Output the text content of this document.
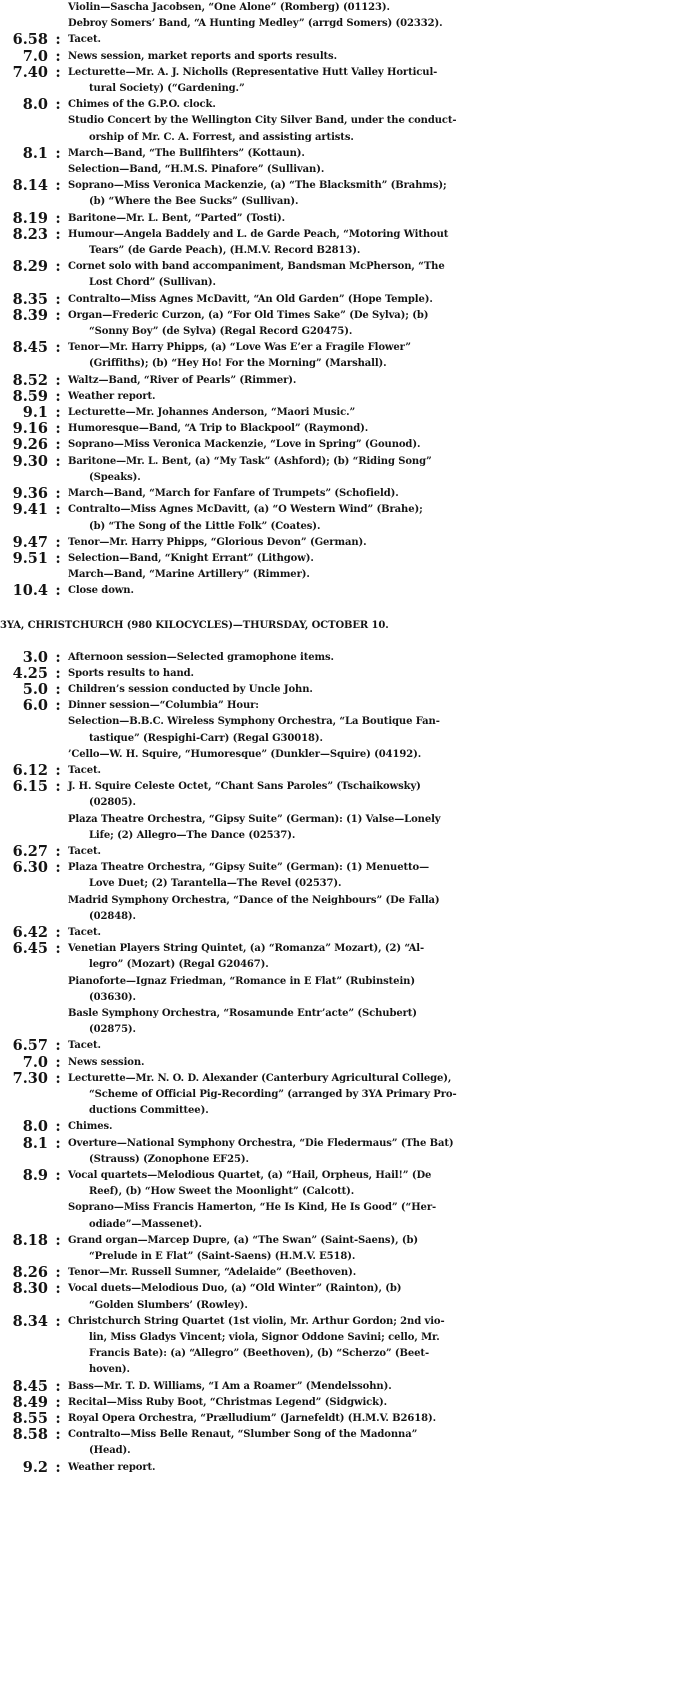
Violin—Sascha Jacobsen, “One Alone” (Romberg) (01123).
Debroy Somers’ Band, “A Hunting Medley” (arrgd Somers) (02332).
6.58 : Tacet.
7.0 : News session, market reports and sports results.
7.40 : Lecturette—Mr. A. J. Nicholls (Representative Hutt Valley Horticul-
tural Society) (“Gardening.”
8.0 : Chimes of the G.P.O. clock.
Studio Concert by the Wellington City Silver Band, under the conduct-
orship of Mr. C. A. Forrest, and assisting artists.
8.1 : March—Band, “The Bullfihters” (Kottaun).
Selection—Band, “H.M.S. Pinafore” (Sullivan).
8.14 : Soprano—Miss Veronica Mackenzie, (a) “The Blacksmith” (Brahms);
(b) “Where the Bee Sucks” (Sullivan).
8.19 : Baritone—Mr. L. Bent, “Parted” (Tosti).
8.23 : Humour—Angela Baddely and L. de Garde Peach, “Motoring Without
Tears” (de Garde Peach), (H.M.V. Record B2813).
8.29 : Cornet solo with band accompaniment, Bandsman McPherson, “The
Lost Chord” (Sullivan).
8.35 : Contralto—Miss Agnes McDavitt, “An Old Garden” (Hope Temple).
8.39 : Organ—Frederic Curzon, (a) “For Old Times Sake” (De Sylva); (b)
“Sonny Boy” (de Sylva) (Regal Record G20475).
8.45 : Tenor—Mr. Harry Phipps, (a) “Love Was E’er a Fragile Flower”
(Griffiths); (b) “Hey Ho! For the Morning” (Marshall).
8.52 : Waltz—Band, “River of Pearls” (Rimmer).
8.59 : Weather report.
9.1 : Lecturette—Mr. Johannes Anderson, “Maori Music.”
9.16 : Humoresque—Band, “A Trip to Blackpool” (Raymond).
9.26 : Soprano—Miss Veronica Mackenzie, “Love in Spring” (Gounod).
9.30 : Baritone—Mr. L. Bent, (a) “My Task” (Ashford); (b) “Riding Song”
(Speaks).
9.36 : March—Band, “March for Fanfare of Trumpets” (Schofield).
9.41 : Contralto—Miss Agnes McDavitt, (a) “O Western Wind” (Brahe);
(b) “The Song of the Little Folk” (Coates).
9.47 : Tenor—Mr. Harry Phipps, “Glorious Devon” (German).
9.51 : Selection—Band, “Knight Errant” (Lithgow).
March—Band, “Marine Artillery” (Rimmer).
10.4 : Close down.
3YA, CHRISTCHURCH (980 KILOCYCLES)—THURSDAY, OCTOBER 10.
3.0 : Afternoon session—Selected gramophone items.
4.25 : Sports results to hand.
5.0 : Children’s session conducted by Uncle John.
6.0 : Dinner session—“Columbia” Hour:
Selection—B.B.C. Wireless Symphony Orchestra, “La Boutique Fan-
tastique” (Respighi-Carr) (Regal G30018).
’Cello—W. H. Squire, “Humoresque” (Dunkler—Squire) (04192).
6.12 : Tacet.
6.15 : J. H. Squire Celeste Octet, “Chant Sans Paroles” (Tschaikowsky)
(02805).
Plaza Theatre Orchestra, “Gipsy Suite” (German): (1) Valse—Lonely
Life; (2) Allegro—The Dance (02537).
6.27 : Tacet.
6.30 : Plaza Theatre Orchestra, “Gipsy Suite” (German): (1) Menuetto—
Love Duet; (2) Tarantella—The Revel (02537).
Madrid Symphony Orchestra, “Dance of the Neighbours” (De Falla)
(02848).
6.42 : Tacet.
6.45 : Venetian Players String Quintet, (a) “Romanza” Mozart), (2) “Al-
legro” (Mozart) (Regal G20467).
Pianoforte—Ignaz Friedman, “Romance in E Flat” (Rubinstein)
(03630).
Basle Symphony Orchestra, “Rosamunde Entr’acte” (Schubert)
(02875).
6.57 : Tacet.
7.0 : News session.
7.30 : Lecturette—Mr. N. O. D. Alexander (Canterbury Agricultural College),
“Scheme of Official Pig-Recording” (arranged by 3YA Primary Pro-
ductions Committee).
8.0 : Chimes.
8.1 : Overture—National Symphony Orchestra, “Die Fledermaus” (The Bat)
(Strauss) (Zonophone EF25).
8.9 : Vocal quartets—Melodious Quartet, (a) “Hail, Orpheus, Hail!” (De
Reef), (b) “How Sweet the Moonlight” (Calcott).
Soprano—Miss Francis Hamerton, “He Is Kind, He Is Good” (“Her-
odiade”—Massenet).
8.18 : Grand organ—Marcep Dupre, (a) “The Swan” (Saint-Saens), (b)
“Prelude in E Flat” (Saint-Saens) (H.M.V. E518).
8.26 : Tenor—Mr. Russell Sumner, “Adelaide” (Beethoven).
8.30 : Vocal duets—Melodious Duo, (a) “Old Winter” (Rainton), (b)
“Golden Slumbers’ (Rowley).
8.34 : Christchurch String Quartet (1st violin, Mr. Arthur Gordon; 2nd vio-
lin, Miss Gladys Vincent; viola, Signor Oddone Savini; cello, Mr.
Francis Bate): (a) “Allegro” (Beethoven), (b) “Scherzo” (Beet-
hoven).
8.45 : Bass—Mr. T. D. Williams, “I Am a Roamer” (Mendelssohn).
8.49 : Recital—Miss Ruby Boot, “Christmas Legend” (Sidgwick).
8.55 : Royal Opera Orchestra, “Prælludium” (Jarnefeldt) (H.M.V. B2618).
8.58 : Contralto—Miss Belle Renaut, “Slumber Song of the Madonna”
(Head).
9.2 : Weather report.
